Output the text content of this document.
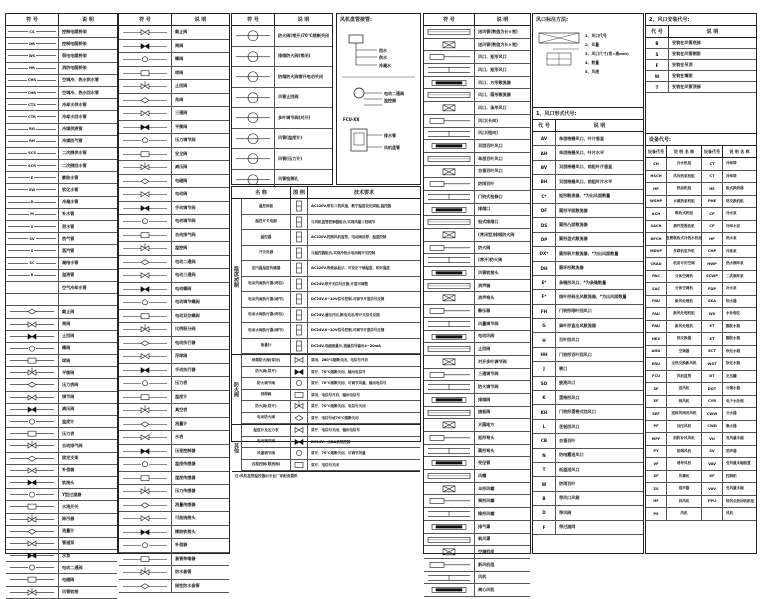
符 号	说 明
CS	控制电缆桥架
DR	控制电缆桥架
WS	弱电电缆桥架
HR	消防电缆桥架
CHS	空调冷、热水供水管
CHR	空调冷、热水回水管
CTS	冷却水供水管
CTR	冷却水回水管
RG	冷媒供液管
RH	冷媒回气管
SCS	二次侧供水管
SCR	二次侧回水管
E	膨胀水管
SW	软化水管
D	冷凝水管
M	补水管
V	泄水管
SV	放气管
S	蒸汽管
SC	凝结水管
R	溢流管
空气冷却水管
截止阀
闸阀
止回阀
蝶阀
球阀
平衡阀
压力表阀
调节阀
减压阀
温度计
压力表
自动排气阀
固定支架
补偿器
软接头
Y型过滤器
水流开关
除污器
流量计
管道泵
水泵
电动二通阀
电磁阀
风管软接
符 号	说 明
截止阀
闸阀
蝶阀
球阀
止回阀
角阀
三通阀
平衡阀
压力调节阀
安全阀
减压阀
电磁阀
电动阀
手动调节阀
电动调节阀
自动排气阀
温控阀
电动二通阀
电动三通阀
电动蝶阀
电动调节蝶阀
电动双位蝶阀
比例积分阀
电动执行器
浮球阀
手动执行器
压力表
温度计
真空表
流量计
水表
压差控制器
温度传感器
湿度传感器
压力传感器
流量传感器
可曲挠接头
橡胶软接头
补偿器
套管伸缩器
防水套管
刚性防水套管
符 号	说 明
防火阀(常开)70°C熔断关闭
排烟防火阀(常闭)
防烟防火阀常开电动关闭
风管止回阀
多叶调节阀(对开)
风管(温度计)
风管(压力计)
风管检测孔
风机盘管接管:
回水
供水
冷凝水
电动二通阀
温控器
FCU-XX
排水管
风机盘管
名 称	图 例	技术要求
温度/控制
温控面板	AC220V,带有三档风速、数字温度设定面板,温控器
温控开关电源	与风机盘管控制器组合,实现风量三档调节
温控器	AC220V,控制风机盘管、电动阀启停、温度控制
开关电源	与温控器组合,实现冷热水电动阀开关控制
室内温湿度传感器	AC220V,带液晶显示、可设定干球温度、相对湿度
电动风阀执行器(两位)	DC24V,带开关信号反馈,开度可调整
电动风阀执行器(调节)	DC24V,0~10V信号控制,可调节开度信号反馈
电动水阀执行器(两位)	DC24V,通电开启,断电关闭,带开关信号反馈
电动水阀执行器(调节)	DC24V,0~10V信号控制,可调节开度信号反馈
流量计	DC24V,电磁流量计,流量信号输出4~20mA
防火阀
排烟防火阀(常闭)	常闭、280°C熔断关闭、电信号开启
防火阀(常开)	常开、70°C熔断关闭、输出电信号
防火调节阀	常开、70°C熔断关闭、可调节风量、输出电信号
排烟阀	常闭、电信号开启、输出电信号
防火阀(常开)	常开、70°C熔断关闭、电信号关闭
电动防火阀	常开、电信号或70°C熔断关闭
其他
温度计及压力表	常开、电信号关闭、输出电信号
电动调节阀	DC24V、由BA系统控制
风量调节阀	常开、70°C熔断关闭、可调节风量
远程控制(限流阀)	常开、电信号关闭
注:风机盘管温控器由专业厂家配套提供
符 号	说 明
送风管(数值为长×宽)
送风管(数值为长×宽)
风口、矩形风口
风口、矩形风口
风口、方形散流器
风口、圆形散流器
风口、条形风口
风口(长向)
风口(短向)
双层百叶风口
单层百叶风口
自垂百叶风口
防雨百叶
门铰式检修口
排烟口
板式排烟口
(常闭型)排烟防火阀
防火阀
(常开)防火阀
风管软接头
消声器
消声弯头
静压箱
风量调节阀
电动风阀
止回阀
对开多叶调节阀
三通调节阀
防火调节阀
排烟阀
插板阀
天圆地方
矩形弯头
圆形弯头
变径管
风帽
伞形风帽
筒形风帽
锥形风帽
排气罩
吸风罩
空调机组
新风机组
风机
离心风机
风口标注方法:
1、风口代号
2、风量
3、风口尺寸(宽×高mm)
4、数量
5、风速
1、风口形式代号:
代 号	说 明
AV	单层格栅风口、叶片垂直
AH	单层格栅风口、叶片水平
BV	双层格栅风口、前组叶片垂直
BH	双层格栅风口、前组叶片水平
C*	矩形散流器、*为出风面数量
DF	圆形平面散流器
DS	圆形凸面散流器
DP	圆形盘式散流器
DX*	圆形斜片散流器、*为出风面数量
DH	圆环形散流器
E*	条缝形风口、*为条缝数量
F*	细叶形斜出风散流器、*为出风面数量
FH	门铰形细叶回风口
G	扁叶形直出风散流器
H	百叶回风口
HH	门铰形百叶回风口
J	喷口
SD	旋流风口
K	蛋格形风口
KH	门铰形蛋格式回风口
L	花板回风口
CB	自垂百叶
N	防结露送风口
T	低温送风口
W	防雨百叶
B	带风口风箱
D	带风阀
F	带过滤网
2、风口安装代号:
代 号	说 明
B	安装在风管底部
S	安装在风管侧面
F	安装在吊顶
W	安装在墙面
T	安装在风管顶部
设备代号:
设备代号	说 明 名 称	设备代号	说 明 名 称
CH	冷水机组	CT	冷却塔
HSCH	风冷热泵机组	CT	冷却塔
HP	热泵机组	HE	板式换热器
WSHP	水源热泵机组	PHE	热交换机组
ACH	吸收式机组	CP	冷水泵
SACH	蒸汽型吸收机	CP	冷却水泵
DFCH	直燃吸收式冷热水机组	HP	热水泵
MDVP	多联机室外机	CHP	冷冻泵
CRAU	机房专用空调	HWP	热水循环泵
PAC	分体空调机	SCWP	二次循环泵
SAC	分体空调机	FDP	补水泵
PAU	新风处理机	SKA	软水器
FAU	新风处理机组	WS	水处理仪
PAU	新风处理机	ET	膨胀水箱
HEX	热交换器	ET	膨胀水箱
AHU	空调器	ECT	软化水箱
ERU	全热交换新风机	WST	软化水箱
FCU	风机盘管	DT	定压罐
SF	送风机	DOT	分集水器
EF	排风机	CYR	电子水处理
SEF	送排风两用风机	CWW	分水器
PF	加压风机	CWD	集水器
MPF	消防补风风机	VU	变风量末端
PY	排烟风机	SV	消声器
VF	诱导风机	VAV	变风量末端装置
XF	风幕机	KF	控制柜
ZS	消声器	VAV	变风量末端
HF	回风机	PPU	排风全热回收机组
PS	风机	风机
